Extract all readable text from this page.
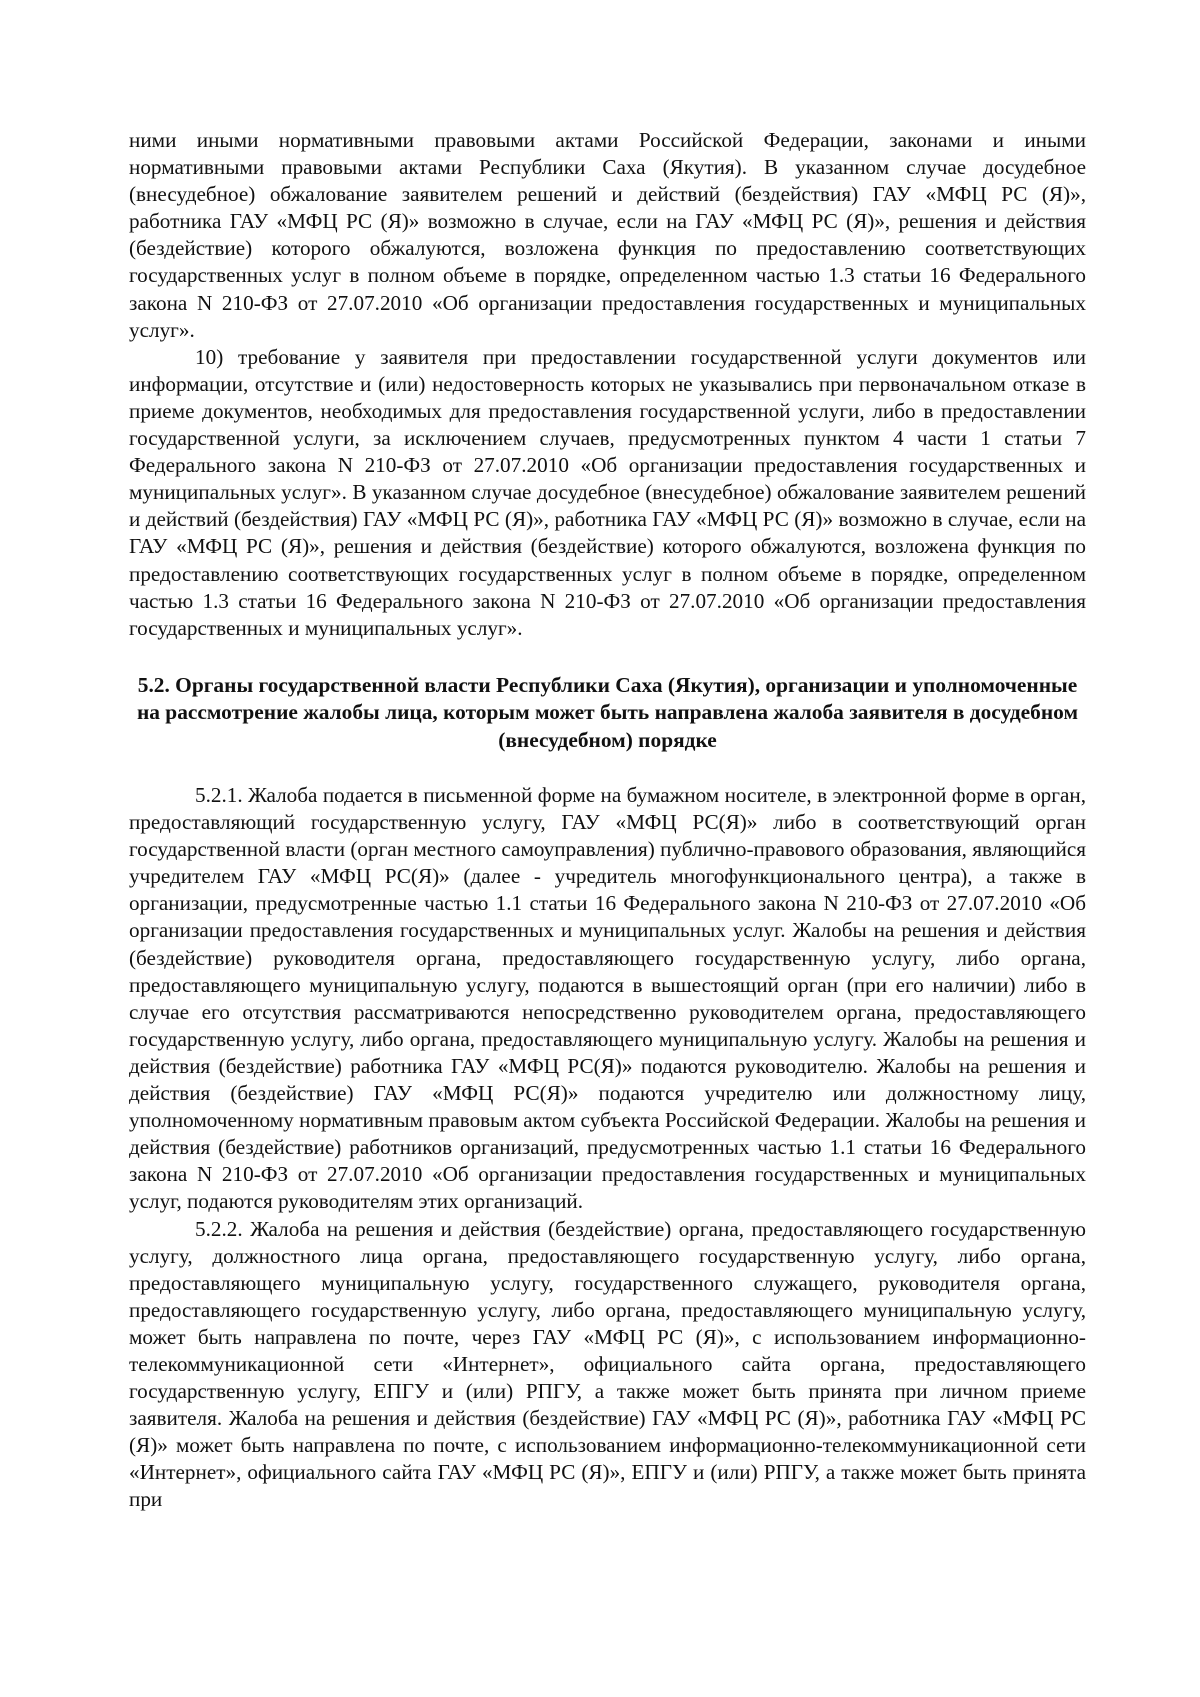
ними иными нормативными правовыми актами Российской Федерации, законами и иными нормативными правовыми актами Республики Саха (Якутия). В указанном случае досудебное (внесудебное) обжалование заявителем решений и действий (бездействия) ГАУ «МФЦ РС (Я)», работника ГАУ «МФЦ РС (Я)» возможно в случае, если на ГАУ «МФЦ РС (Я)», решения и действия (бездействие) которого обжалуются, возложена функция по предоставлению соответствующих государственных услуг в полном объеме в порядке, определенном частью 1.3 статьи 16 Федерального закона N 210-ФЗ от 27.07.2010 «Об организации предоставления государственных и муниципальных услуг».

10) требование у заявителя при предоставлении государственной услуги документов или информации, отсутствие и (или) недостоверность которых не указывались при первоначальном отказе в приеме документов, необходимых для предоставления государственной услуги, либо в предоставлении государственной услуги, за исключением случаев, предусмотренных пунктом 4 части 1 статьи 7 Федерального закона N 210-ФЗ от 27.07.2010 «Об организации предоставления государственных и муниципальных услуг». В указанном случае досудебное (внесудебное) обжалование заявителем решений и действий (бездействия) ГАУ «МФЦ РС (Я)», работника ГАУ «МФЦ РС (Я)» возможно в случае, если на ГАУ «МФЦ РС (Я)», решения и действия (бездействие) которого обжалуются, возложена функция по предоставлению соответствующих государственных услуг в полном объеме в порядке, определенном частью 1.3 статьи 16 Федерального закона N 210-ФЗ от 27.07.2010 «Об организации предоставления государственных и муниципальных услуг».

5.2. Органы государственной власти Республики Саха (Якутия), организации и уполномоченные на рассмотрение жалобы лица, которым может быть направлена жалоба заявителя в досудебном (внесудебном) порядке

5.2.1. Жалоба подается в письменной форме на бумажном носителе, в электронной форме в орган, предоставляющий государственную услугу, ГАУ «МФЦ РС(Я)» либо в соответствующий орган государственной власти (орган местного самоуправления) публично-правового образования, являющийся учредителем ГАУ «МФЦ РС(Я)» (далее - учредитель многофункционального центра), а также в организации, предусмотренные частью 1.1 статьи 16 Федерального закона N 210-ФЗ от 27.07.2010 «Об организации предоставления государственных и муниципальных услуг. Жалобы на решения и действия (бездействие) руководителя органа, предоставляющего государственную услугу, либо органа, предоставляющего муниципальную услугу, подаются в вышестоящий орган (при его наличии) либо в случае его отсутствия рассматриваются непосредственно руководителем органа, предоставляющего государственную услугу, либо органа, предоставляющего муниципальную услугу. Жалобы на решения и действия (бездействие) работника ГАУ «МФЦ РС(Я)» подаются руководителю. Жалобы на решения и действия (бездействие) ГАУ «МФЦ РС(Я)» подаются учредителю или должностному лицу, уполномоченному нормативным правовым актом субъекта Российской Федерации. Жалобы на решения и действия (бездействие) работников организаций, предусмотренных частью 1.1 статьи 16 Федерального закона N 210-ФЗ от 27.07.2010 «Об организации предоставления государственных и муниципальных услуг, подаются руководителям этих организаций.

5.2.2. Жалоба на решения и действия (бездействие) органа, предоставляющего государственную услугу, должностного лица органа, предоставляющего государственную услугу, либо органа, предоставляющего муниципальную услугу, государственного служащего, руководителя органа, предоставляющего государственную услугу, либо органа, предоставляющего муниципальную услугу, может быть направлена по почте, через ГАУ «МФЦ РС (Я)», с использованием информационно-телекоммуникационной сети «Интернет», официального сайта органа, предоставляющего государственную услугу, ЕПГУ и (или) РПГУ, а также может быть принята при личном приеме заявителя. Жалоба на решения и действия (бездействие) ГАУ «МФЦ РС (Я)», работника ГАУ «МФЦ РС (Я)» может быть направлена по почте, с использованием информационно-телекоммуникационной сети «Интернет», официального сайта ГАУ «МФЦ РС (Я)», ЕПГУ и (или) РПГУ, а также может быть принята при
